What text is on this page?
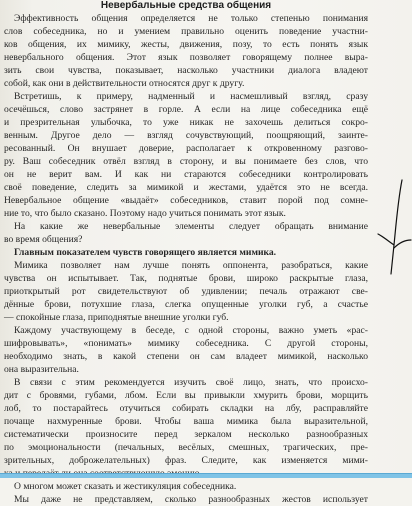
Невербальные средства общения
Эффективность общения определяется не только степенью понимания
слов собеседника, но и умением правильно оценить поведение участни-
ков общения, их мимику, жесты, движения, позу, то есть понять язык
невербального общения. Этот язык позволяет говорящему полнее выра-
зить свои чувства, показывает, насколько участники диалога владеют
собой, как они в действительности относятся друг к другу.
Встретишь, к примеру, надменный и насмешливый взгляд, сразу
осечёшься, слово застрянет в горле. А если на лице собеседника ещё
и презрительная улыбочка, то уже никак не захочешь делиться сокро-
венным. Другое дело — взгляд сочувствующий, поощряющий, заинте-
ресованный. Он внушает доверие, располагает к откровенному разгово-
ру. Ваш собеседник отвёл взгляд в сторону, и вы понимаете без слов, что
он не верит вам. И как ни стараются собеседники контролировать
своё поведение, следить за мимикой и жестами, удаётся это не всегда.
Невербальное общение «выдаёт» собеседников, ставит порой под сомне-
ние то, что было сказано. Поэтому надо учиться понимать этот язык.
На какие же невербальные элементы следует обращать внимание
во время общения?
Главным показателем чувств говорящего является мимика.
Мимика позволяет нам лучше понять оппонента, разобраться, какие
чувства он испытывает. Так, поднятые брови, широко раскрытые глаза,
приоткрытый рот свидетельствуют об удивлении; печаль отражают све-
дённые брови, потухшие глаза, слегка опущенные уголки губ, а счастье
— спокойные глаза, приподнятые внешние уголки губ.
Каждому участвующему в беседе, с одной стороны, важно уметь «рас-
шифровывать», «понимать» мимику собеседника. С другой стороны,
необходимо знать, в какой степени он сам владеет мимикой, насколько
она выразительна.
В связи с этим рекомендуется изучить своё лицо, знать, что происхо-
дит с бровями, губами, лбом. Если вы привыкли хмурить брови, морщить
лоб, то постарайтесь отучиться собирать складки на лбу, расправляйте
почаще нахмуренные брови. Чтобы ваша мимика была выразительной,
систематически произносите перед зеркалом несколько разнообразных
по эмоциональности (печальных, весёлых, смешных, трагических, пре-
зрительных, доброжелательных) фраз. Следите, как изменяется мими-
О многом может сказать и жестикуляция собеседника.
Мы даже не представляем, сколько разнообразных жестов использует
